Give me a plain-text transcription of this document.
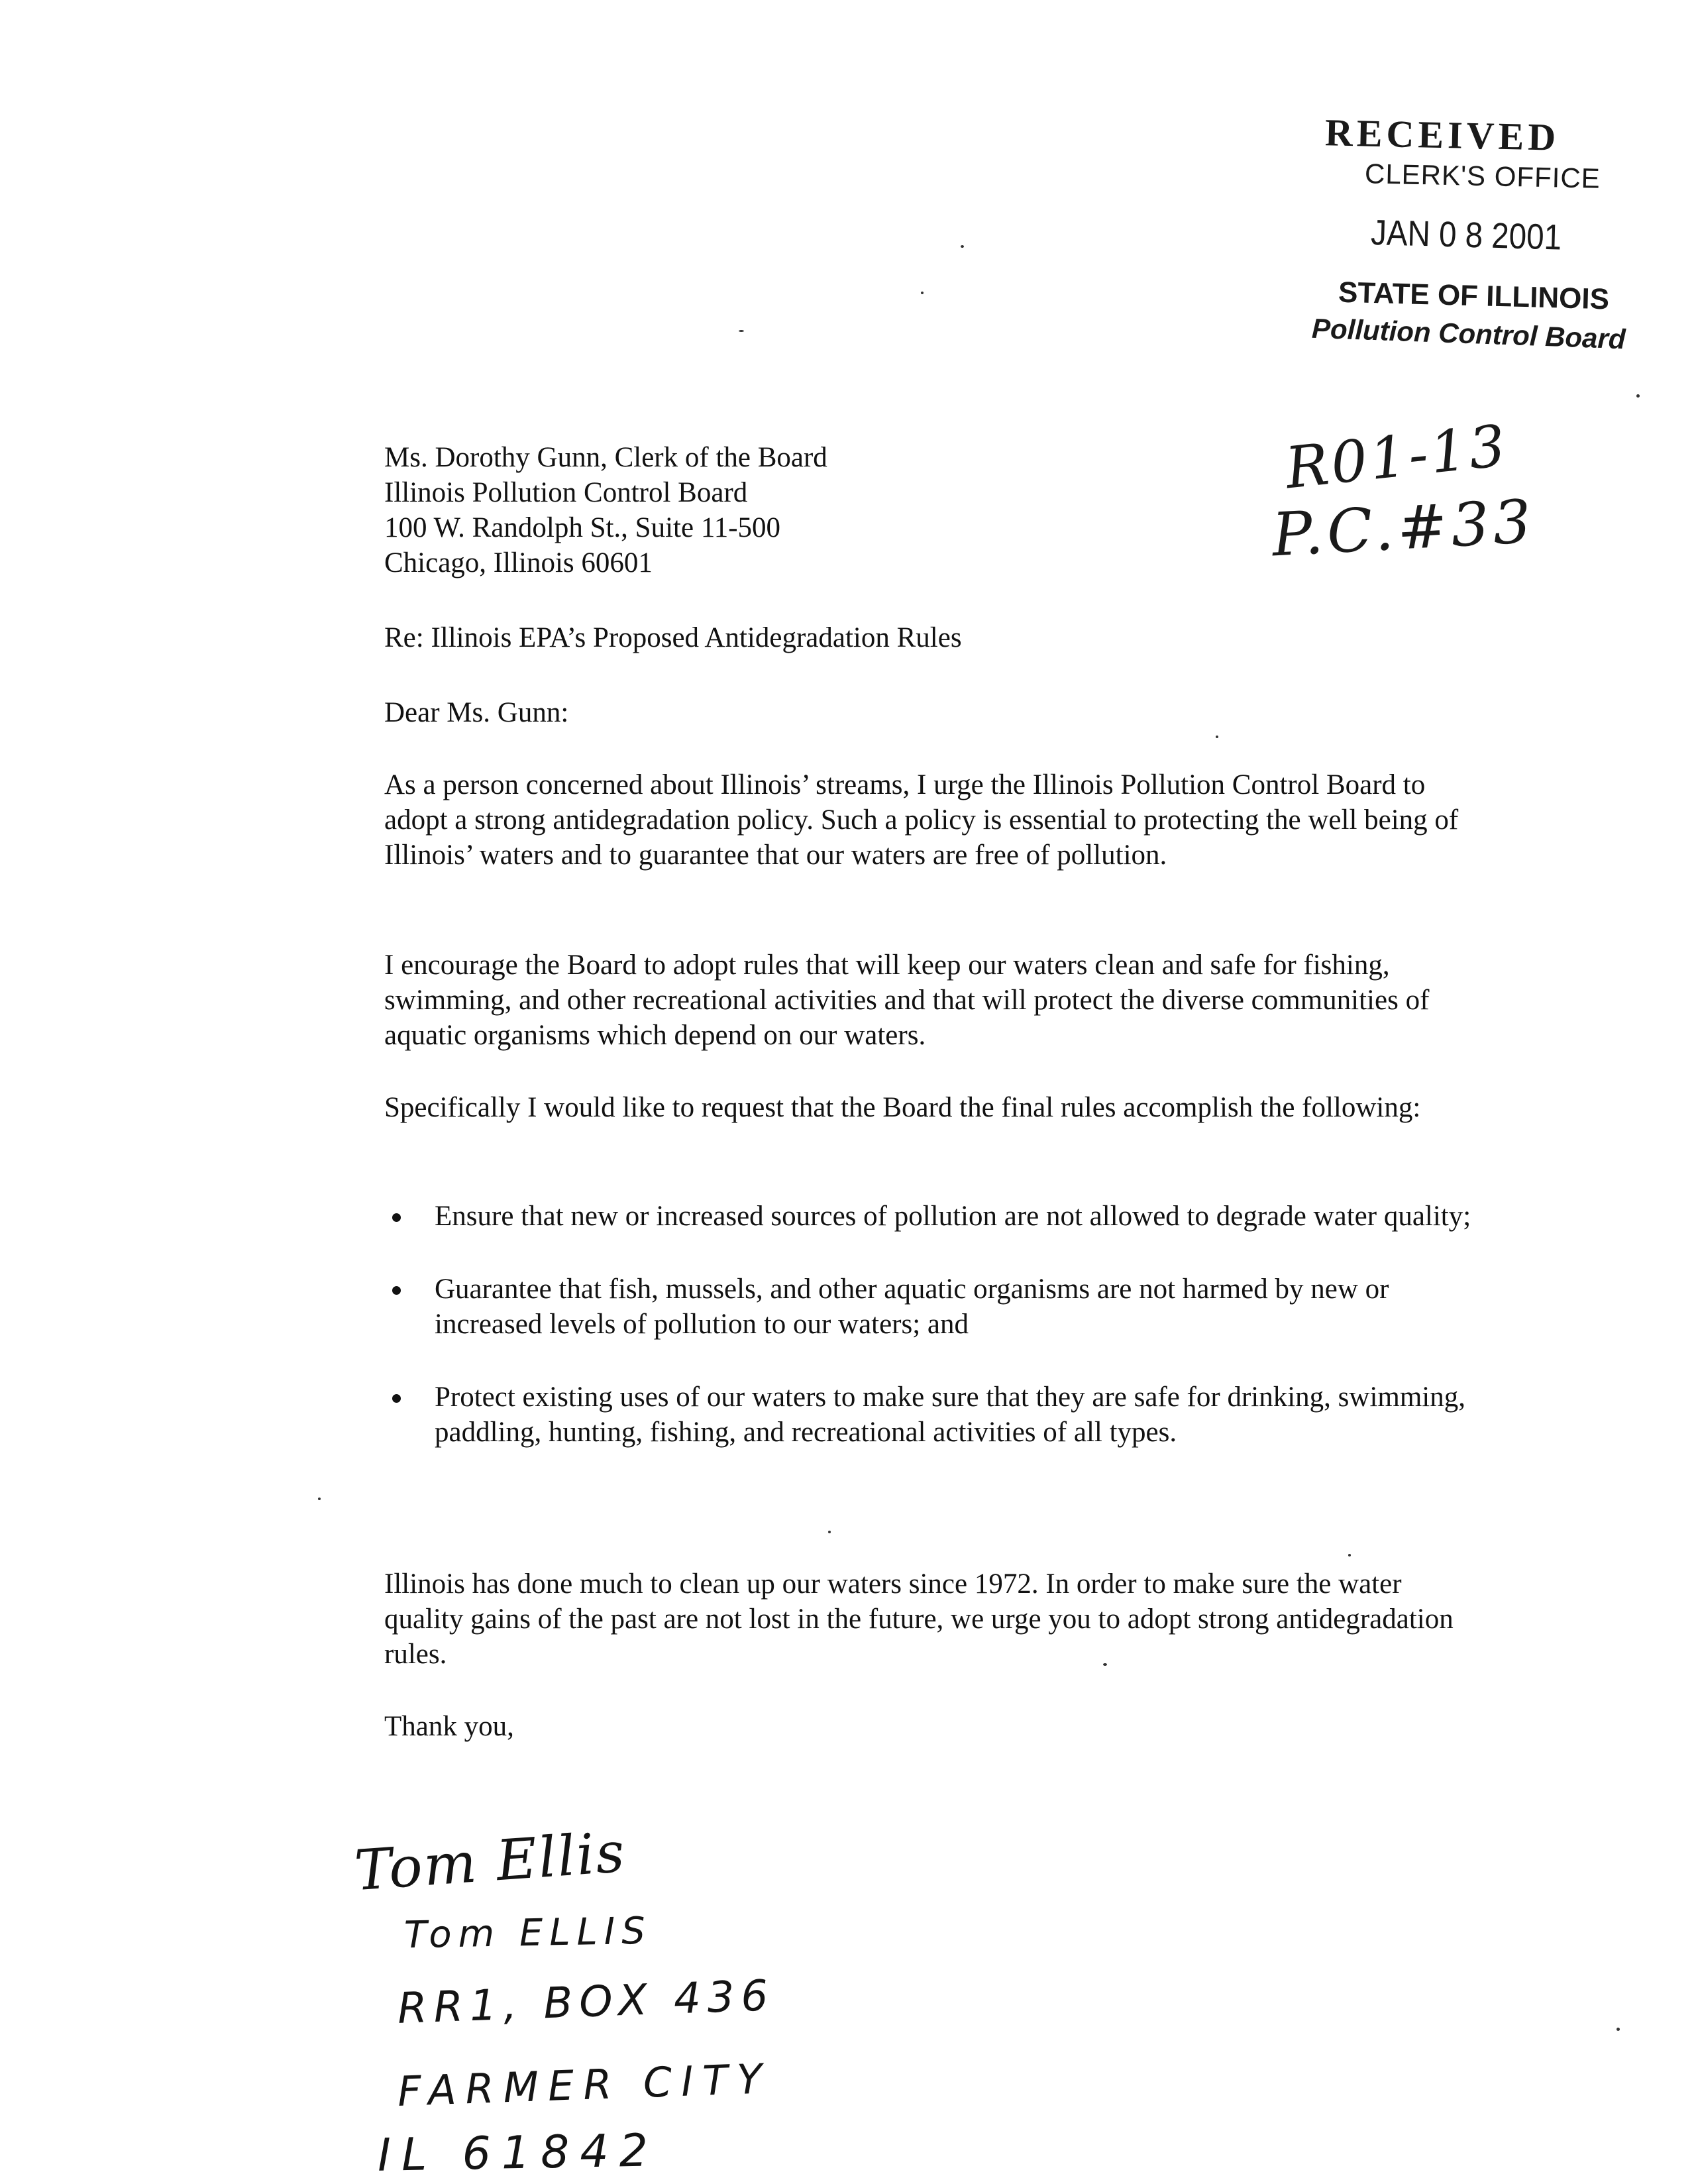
RECEIVED
CLERK'S OFFICE
JAN 0 8 2001
STATE OF ILLINOIS
Pollution Control Board
R01-13
P.C.#33
Ms. Dorothy Gunn, Clerk of the Board
Illinois Pollution Control Board
100 W. Randolph St., Suite 11-500
Chicago, Illinois 60601
Re: Illinois EPA’s Proposed Antidegradation Rules
Dear Ms. Gunn:

As a person concerned about Illinois’ streams, I urge the Illinois Pollution Control Board to adopt a strong antidegradation policy. Such a policy is essential to protecting the well being of Illinois’ waters and to guarantee that our waters are free of pollution.

I encourage the Board to adopt rules that will keep our waters clean and safe for fishing, swimming, and other recreational activities and that will protect the diverse communities of aquatic organisms which depend on our waters.

Specifically I would like to request that the Board the final rules accomplish the following:

Ensure that new or increased sources of pollution are not allowed to degrade water quality;
Guarantee that fish, mussels, and other aquatic organisms are not harmed by new or increased levels of pollution to our waters; and
Protect existing uses of our waters to make sure that they are safe for drinking, swimming, paddling, hunting, fishing, and recreational activities of all types.

Illinois has done much to clean up our waters since 1972. In order to make sure the water quality gains of the past are not lost in the future, we urge you to adopt strong antidegradation rules.

Thank you,
Tom Ellis
Tom ELLIS
RR1, BOX 436
FARMER CITY
IL 61842
